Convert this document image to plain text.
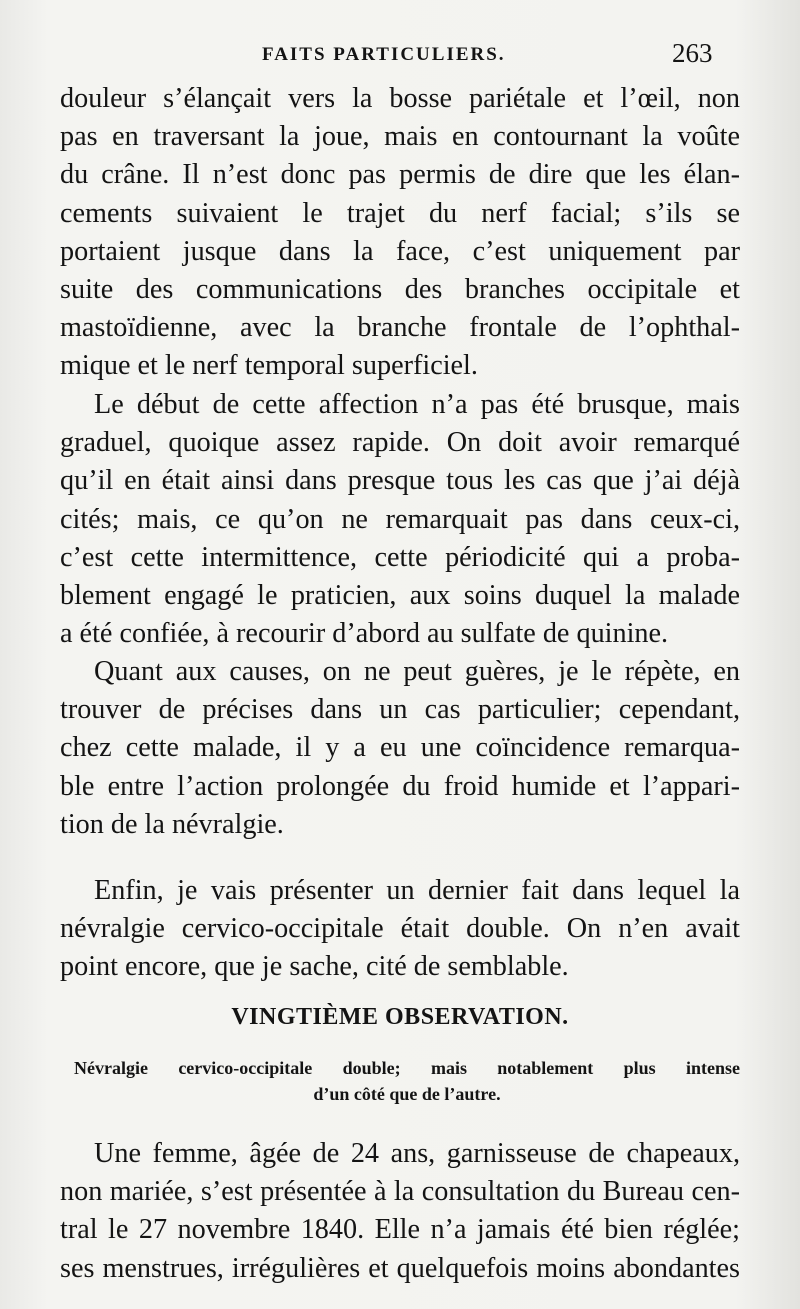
FAITS PARTICULIERS.	263
douleur s’élançait vers la bosse pariétale et l’œil, non
pas en traversant la joue, mais en contournant la voûte
du crâne. Il n’est donc pas permis de dire que les élan-
cements suivaient le trajet du nerf facial; s’ils se
portaient jusque dans la face, c’est uniquement par
suite des communications des branches occipitale et
mastoïdienne, avec la branche frontale de l’ophthal-
mique et le nerf temporal superficiel.
Le début de cette affection n’a pas été brusque, mais
graduel, quoique assez rapide. On doit avoir remarqué
qu’il en était ainsi dans presque tous les cas que j’ai déjà
cités; mais, ce qu’on ne remarquait pas dans ceux-ci,
c’est cette intermittence, cette périodicité qui a proba-
blement engagé le praticien, aux soins duquel la malade
a été confiée, à recourir d’abord au sulfate de quinine.
Quant aux causes, on ne peut guères, je le répète, en
trouver de précises dans un cas particulier; cependant,
chez cette malade, il y a eu une coïncidence remarqua-
ble entre l’action prolongée du froid humide et l’appari-
tion de la névralgie.
Enfin, je vais présenter un dernier fait dans lequel la
névralgie cervico-occipitale était double. On n’en avait
point encore, que je sache, cité de semblable.
VINGTIÈME OBSERVATION.
Névralgie cervico-occipitale double; mais notablement plus intense
d’un côté que de l’autre.
Une femme, âgée de 24 ans, garnisseuse de chapeaux,
non mariée, s’est présentée à la consultation du Bureau cen-
tral le 27 novembre 1840. Elle n’a jamais été bien réglée;
ses menstrues, irrégulières et quelquefois moins abondantes
